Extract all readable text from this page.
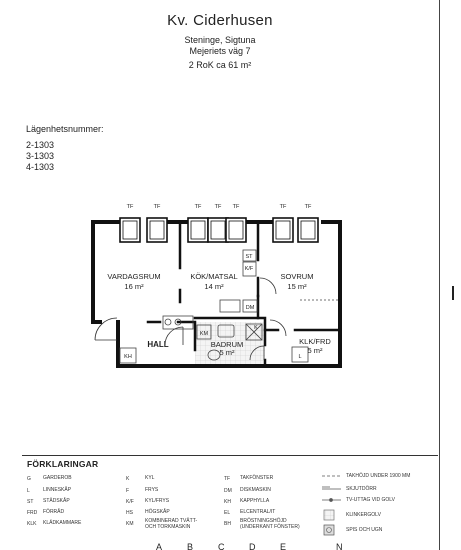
Kv. Ciderhusen
Steninge, Sigtuna
Mejeriets väg 7
2 RoK ca 61 m²
Lägenhetsnummer:
2-1303
3-1303
4-1303
TF	TF	TF TF TF	TF	TF
VARDAGSRUM
16 m²
KÖK/MATSAL
14 m²
SOVRUM
15 m²
HALL	BADRUM
5 m²
KLK/FRD
5 m²
KH
ST
K/F
DM
KM
L
K
FÖRKLARINGAR
G GARDEROB
L	LINNESKÅP
ST STÄDSKÅP
FRD FÖRRÅD
KLK KLÄDKAMMARE
K	KYL
F	FRYS
K/F KYL/FRYS
HS HÖGSKÅP
KM KOMBINERAD TVÄTT-
OCH TORKMASKIN
TF TAKFÖNSTER
DM DISKMASKIN
KH KAPPHYLLA
EL ELCENTRAL/IT
BH BRÖSTNINGSHÖJD
(UNDERKANT FÖNSTER)
TAKHÖJD UNDER 1900 MM
SKJUTDÖRR
TV-UTTAG VID GOLV
KLINKERGOLV
SPIS OCH UGN
A	B	C	D	E	N
